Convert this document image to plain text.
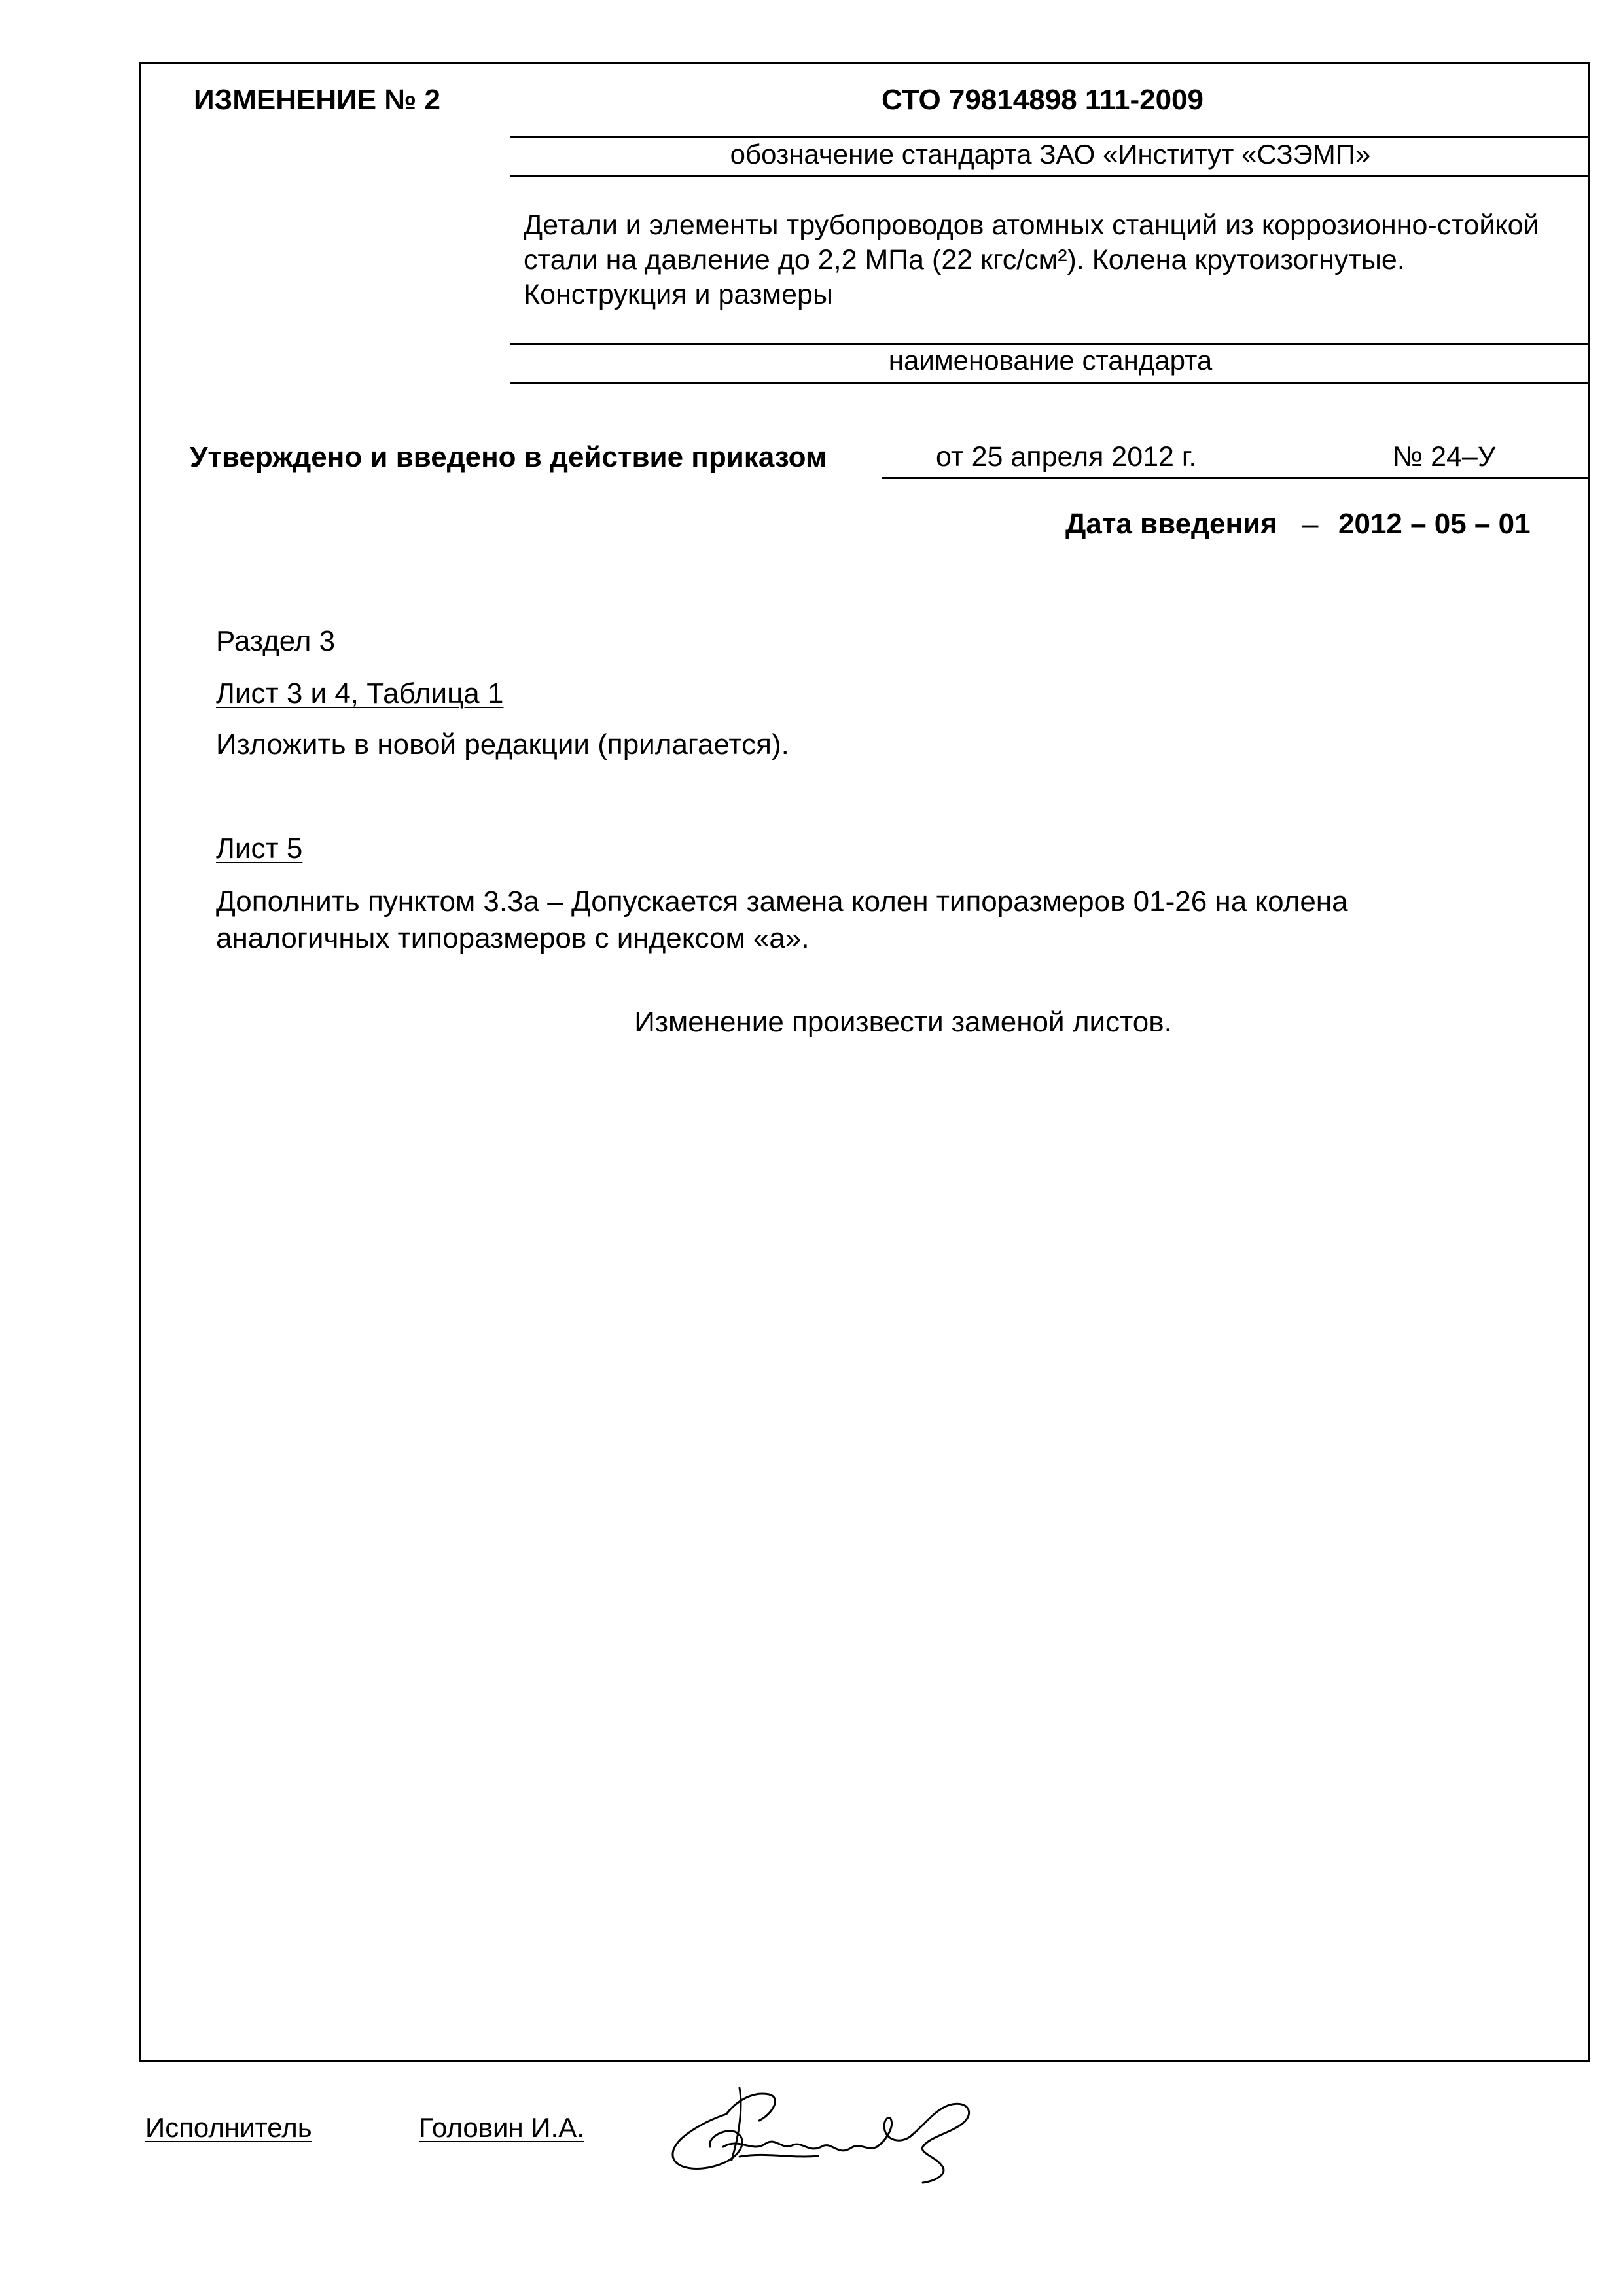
ИЗМЕНЕНИЕ № 2	СТО 79814898 111-2009
обозначение стандарта ЗАО «Институт «СЗЭМП»
Детали и элементы трубопроводов атомных станций из коррозионно-стойкой стали на давление до 2,2 МПа (22 кгс/см²). Колена крутоизогнутые. Конструкция и размеры
наименование стандарта
Утверждено и введено в действие приказом	от 25 апреля 2012 г.	№ 24–У
Дата введения – 2012 – 05 – 01
Раздел 3
Лист 3 и 4, Таблица 1
Изложить в новой редакции (прилагается).
Лист 5
Дополнить пунктом 3.3а – Допускается замена колен типоразмеров 01-26 на колена аналогичных типоразмеров с индексом «а».
Изменение произвести заменой листов.
Исполнитель	Головин И.А.
